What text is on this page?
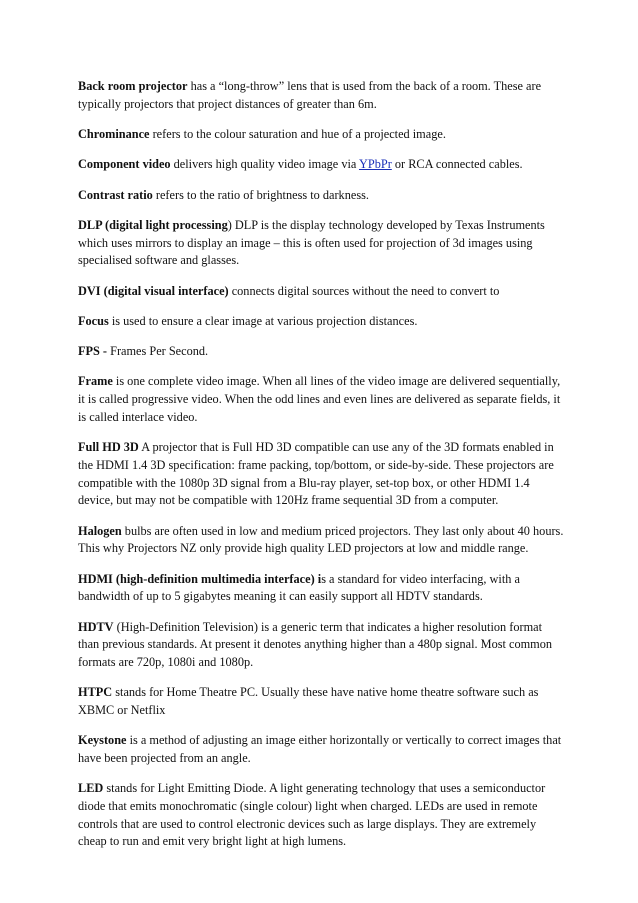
Back room projector has a “long-throw” lens that is used from the back of a room. These are typically projectors that project distances of greater than 6m.

Chrominance refers to the colour saturation and hue of a projected image.

Component video delivers high quality video image via YPbPr or RCA connected cables.

Contrast ratio refers to the ratio of brightness to darkness.

DLP (digital light processing) DLP is the display technology developed by Texas Instruments which uses mirrors to display an image – this is often used for projection of 3d images using specialised software and glasses.

DVI (digital visual interface) connects digital sources without the need to convert to

Focus is used to ensure a clear image at various projection distances.

FPS - Frames Per Second.

Frame is one complete video image. When all lines of the video image are delivered sequentially, it is called progressive video. When the odd lines and even lines are delivered as separate fields, it is called interlace video.

Full HD 3D A projector that is Full HD 3D compatible can use any of the 3D formats enabled in the HDMI 1.4 3D specification: frame packing, top/bottom, or side-by-side. These projectors are compatible with the 1080p 3D signal from a Blu-ray player, set-top box, or other HDMI 1.4 device, but may not be compatible with 120Hz frame sequential 3D from a computer.

Halogen bulbs are often used in low and medium priced projectors. They last only about 40 hours. This why Projectors NZ only provide high quality LED projectors at low and middle range.

HDMI (high-definition multimedia interface) is a standard for video interfacing, with a bandwidth of up to 5 gigabytes meaning it can easily support all HDTV standards.

HDTV (High-Definition Television) is a generic term that indicates a higher resolution format than previous standards. At present it denotes anything higher than a 480p signal. Most common formats are 720p, 1080i and 1080p.

HTPC stands for Home Theatre PC. Usually these have native home theatre software such as XBMC or Netflix

Keystone is a method of adjusting an image either horizontally or vertically to correct images that have been projected from an angle.

LED stands for Light Emitting Diode. A light generating technology that uses a semiconductor diode that emits monochromatic (single colour) light when charged. LEDs are used in remote controls that are used to control electronic devices such as large displays. They are extremely cheap to run and emit very bright light at high lumens.
